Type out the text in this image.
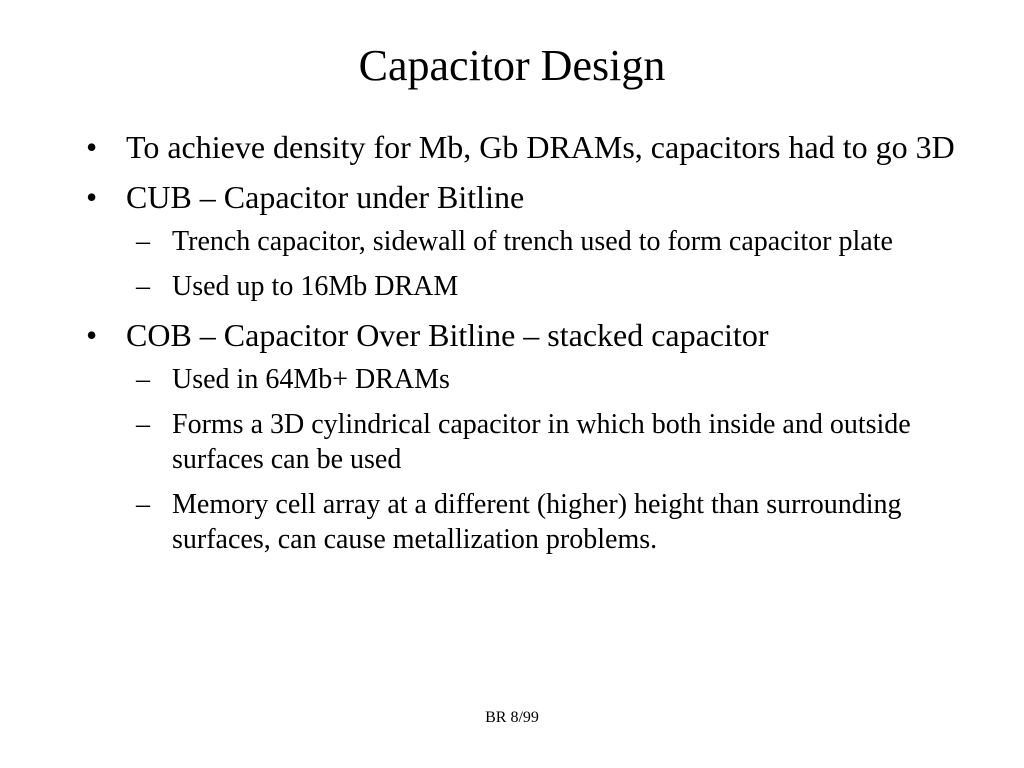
Capacitor Design
• To achieve density for Mb, Gb DRAMs, capacitors had to go 3D
• CUB – Capacitor under Bitline
– Trench capacitor, sidewall of trench used to form capacitor plate
– Used up to 16Mb DRAM
• COB – Capacitor Over Bitline – stacked capacitor
– Used in 64Mb+ DRAMs
– Forms a 3D cylindrical capacitor in which both inside and outside surfaces can be used
– Memory cell array at a different (higher) height than surrounding surfaces, can cause metallization problems.
BR 8/99
